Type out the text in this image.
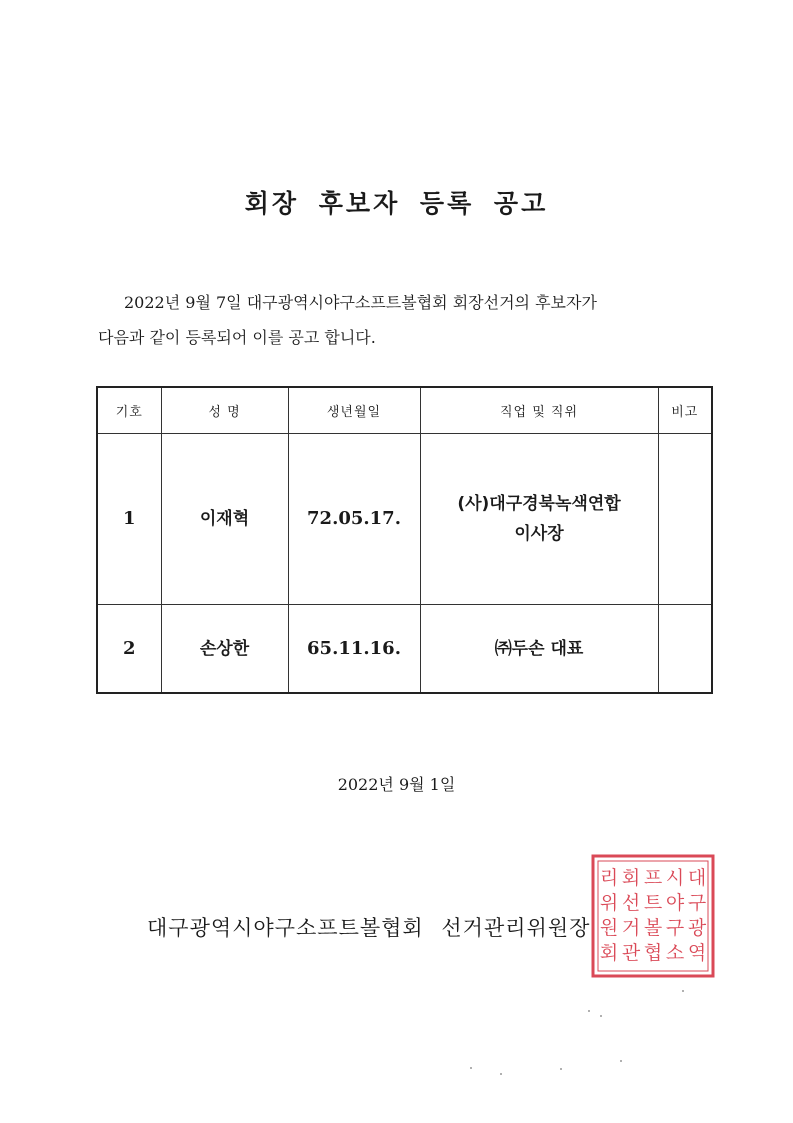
회장 후보자 등록 공고
2022년 9월 7일 대구광역시야구소프트볼협회 회장선거의 후보자가
다음과 같이 등록되어 이를 공고 합니다.
기호	성 명	생년월일	직업 및 직위	비고
1	이재혁	72.05.17.	(사)대구경북녹색연합
이사장	
2	손상한	65.11.16.	㈜두손 대표	
2022년 9월 1일
대구광역시야구소프트볼협회 선거관리위원장
대
구
광
역
시
야
구
소
프
트
볼
협
회
선
거
관
리
위
원
회
